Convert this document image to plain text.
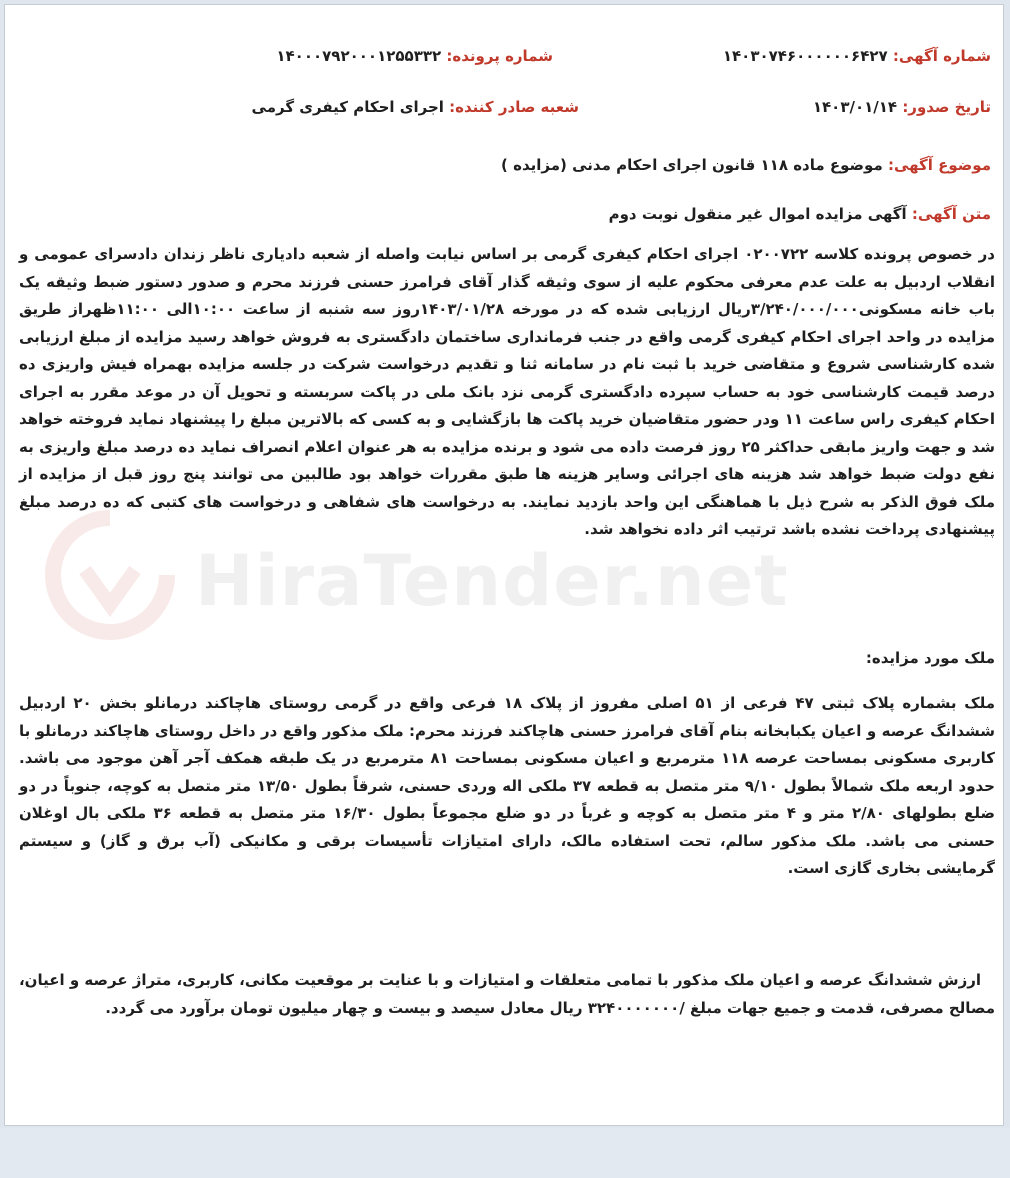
HiraTender.net
شماره آگهی: ۱۴۰۳۰۷۴۶۰۰۰۰۰۰۶۴۲۷
شماره پرونده: ۱۴۰۰۰۷۹۲۰۰۰۱۲۵۵۳۳۲
تاریخ صدور: ۱۴۰۳/۰۱/۱۴
شعبه صادر کننده: اجرای احکام کیفری گرمی
موضوع آگهی: موضوع ماده ۱۱۸ قانون اجرای احکام مدنی (مزایده )
متن آگهی: آگهی مزایده اموال غیر منقول نوبت دوم

در خصوص پرونده کلاسه ۰۲۰۰۷۲۲ اجرای احکام کیفری گرمی بر اساس نیابت واصله از شعبه دادیاری ناظر زندان دادسرای عمومی و انقلاب اردبیل به علت عدم معرفی محکوم علیه از سوی وثیقه گذار آقای فرامرز حسنی فرزند محرم و صدور دستور ضبط وثیقه یک باب خانه مسکونی۳/۲۴۰/۰۰۰/۰۰۰ریال ارزیابی شده که در مورخه ۱۴۰۳/۰۱/۲۸روز سه شنبه از ساعت ۱۰:۰۰الی ۱۱:۰۰ظهراز طریق مزایده در واحد اجرای احکام کیفری گرمی واقع در جنب فرمانداری ساختمان دادگستری به فروش خواهد رسید مزایده از مبلغ ارزیابی شده کارشناسی شروع و متقاضی خرید با ثبت نام در سامانه ثنا و تقدیم درخواست شرکت در جلسه مزایده بهمراه فیش واریزی ده درصد قیمت کارشناسی خود به حساب سپرده دادگستری گرمی نزد بانک ملی در پاکت سربسته و تحویل آن در موعد مقرر به اجرای احکام کیفری راس ساعت ۱۱ ودر حضور متقاضیان خرید پاکت ها بازگشایی و به کسی که بالاترین مبلغ را پیشنهاد نماید فروخته خواهد شد و جهت واریز مابقی حداکثر ۲۵ روز فرصت داده می شود و برنده مزایده به هر عنوان اعلام انصراف نماید ده درصد مبلغ واریزی به نفع دولت ضبط خواهد شد هزینه های اجرائی وسایر هزینه ها طبق مقررات خواهد بود طالبین می توانند پنج روز قبل از مزایده از ملک فوق الذکر به شرح ذیل با هماهنگی این واحد بازدید نمایند. به درخواست های شفاهی و درخواست های کتبی که ده درصد مبلغ پیشنهادی پرداخت نشده باشد ترتیب اثر داده نخواهد شد.

ملک مورد مزایده:

ملک بشماره پلاک ثبتی ۴۷ فرعی از ۵۱ اصلی مفروز از پلاک ۱۸ فرعی واقع در گرمی روستای هاچاکند درمانلو بخش ۲۰ اردبیل ششدانگ عرصه و اعیان یکبابخانه بنام آقای فرامرز حسنی هاچاکند فرزند محرم: ملک مذکور واقع در داخل روستای هاچاکند درمانلو با کاربری مسکونی بمساحت عرصه ۱۱۸ مترمربع و اعیان مسکونی بمساحت ۸۱ مترمربع در یک طبقه همکف آجر آهن موجود می باشد. حدود اربعه ملک شمالاً بطول ۹/۱۰ متر متصل به قطعه ۳۷ ملکی اله وردی حسنی، شرقاً بطول ۱۳/۵۰ متر متصل به کوچه، جنوباً در دو ضلع بطولهای ۲/۸۰ متر و ۴ متر متصل به کوچه و غرباً در دو ضلع مجموعاً بطول ۱۶/۳۰ متر متصل به قطعه ۳۶ ملکی بال اوغلان حسنی می باشد. ملک مذکور سالم، تحت استفاده مالک، دارای امتیازات تأسیسات برقی و مکانیکی (آب برق و گاز) و سیستم گرمایشی بخاری گازی است.

ارزش ششدانگ عرصه و اعیان ملک مذکور با تمامی متعلقات و امتیازات و با عنایت بر موقعیت مکانی، کاربری، متراژ عرصه و اعیان، مصالح مصرفی، قدمت و جمیع جهات مبلغ /۳۲۴۰۰۰۰۰۰۰ ریال معادل سیصد و بیست و چهار میلیون تومان برآورد می گردد.
